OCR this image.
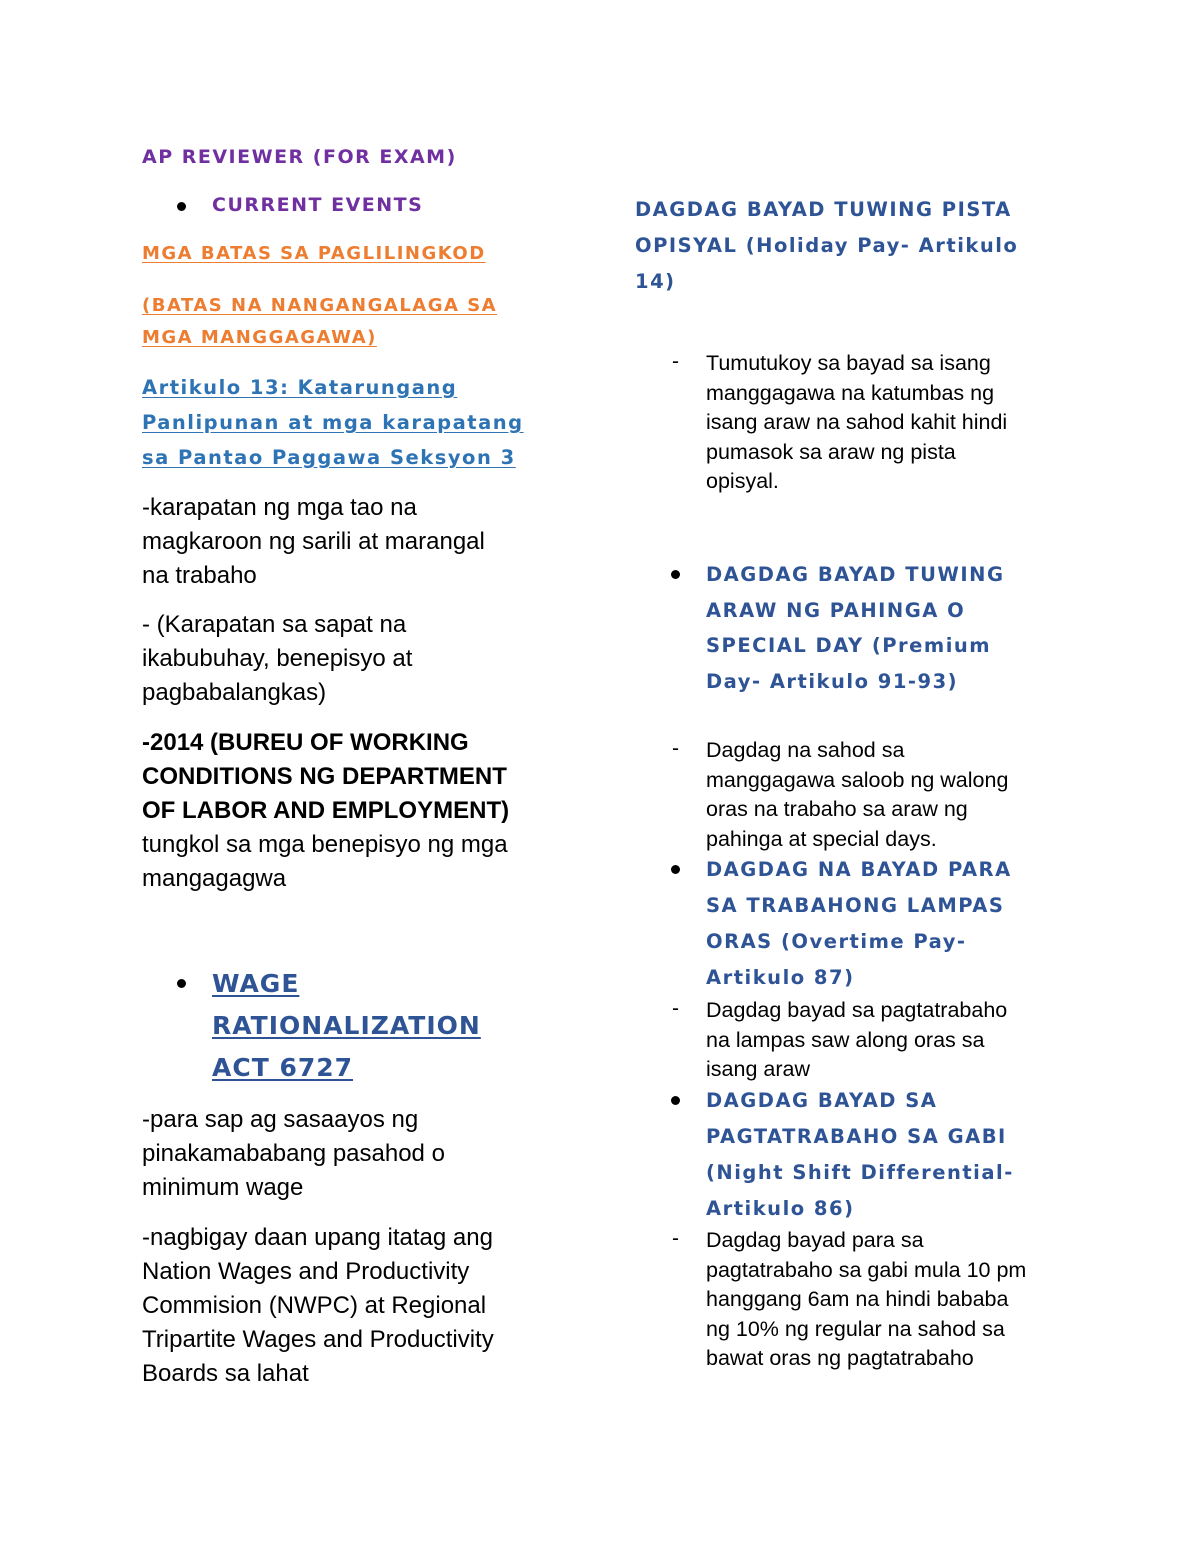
AP REVIEWER (FOR EXAM)
CURRENT EVENTS
MGA BATAS SA PAGLILINGKOD
(BATAS NA NANGANGALAGA SA
MGA MANGGAGAWA)
Artikulo 13: Katarungang
Panlipunan at mga karapatang
sa Pantao Paggawa Seksyon 3
-karapatan ng mga tao na
magkaroon ng sarili at marangal
na trabaho
- (Karapatan sa sapat na
ikabubuhay, benepisyo at
pagbabalangkas)
-2014 (BUREU OF WORKING
CONDITIONS NG DEPARTMENT
OF LABOR AND EMPLOYMENT)
tungkol sa mga benepisyo ng mga
mangagagwa
WAGE
RATIONALIZATION
ACT 6727
-para sap ag sasaayos ng
pinakamababang pasahod o
minimum wage
-nagbigay daan upang itatag ang
Nation Wages and Productivity
Commision (NWPC) at Regional
Tripartite Wages and Productivity
Boards sa lahat
DAGDAG BAYAD TUWING PISTA
OPISYAL (Holiday Pay- Artikulo
14)
- Tumutukoy sa bayad sa isang
manggagawa na katumbas ng
isang araw na sahod kahit hindi
pumasok sa araw ng pista
opisyal.
DAGDAG BAYAD TUWING
ARAW NG PAHINGA O
SPECIAL DAY (Premium
Day- Artikulo 91-93)
- Dagdag na sahod sa
manggagawa saloob ng walong
oras na trabaho sa araw ng
pahinga at special days.
DAGDAG NA BAYAD PARA
SA TRABAHONG LAMPAS
ORAS (Overtime Pay-
Artikulo 87)
- Dagdag bayad sa pagtatrabaho
na lampas saw along oras sa
isang araw
DAGDAG BAYAD SA
PAGTATRABAHO SA GABI
(Night Shift Differential-
Artikulo 86)
- Dagdag bayad para sa
pagtatrabaho sa gabi mula 10 pm
hanggang 6am na hindi bababa
ng 10% ng regular na sahod sa
bawat oras ng pagtatrabaho
